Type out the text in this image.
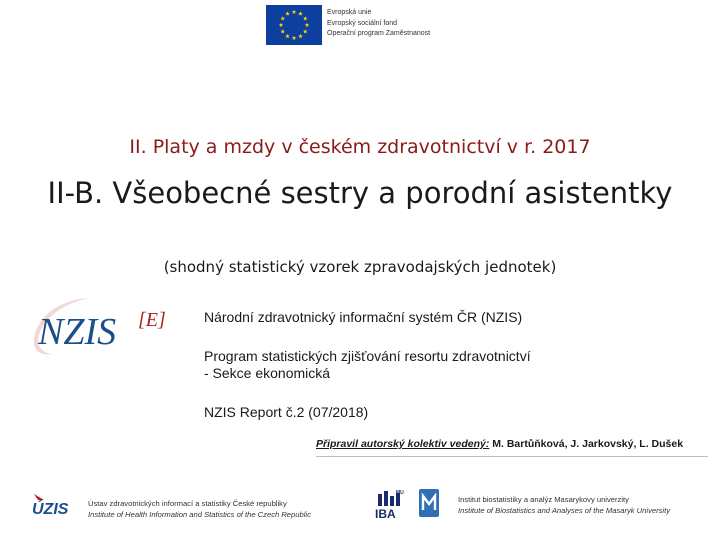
Evropská unie
Evropský sociální fond
Operační program Zaměstnanost
II. Platy a mzdy v českém zdravotnictví v r. 2017
II-B. Všeobecné sestry a porodní asistentky
(shodný statistický vzorek zpravodajských jednotek)
NZIS [E]	Národní zdravotnický informační systém ČR (NZIS)
Program statistických zjišťování resortu zdravotnictví
- Sekce ekonomická
NZIS Report č.2 (07/2018)
Připravil autorský kolektiv vedený: M. Bartůňková, J. Jarkovský, L. Dušek
ÚZIS	Ústav zdravotnických informací a statistiky České republiky
Institute of Health Information and Statistics of the Czech Republic
MU
IBA
Institut biostatistiky a analýz Masarykovy univerzity
Institute of Biostatistics and Analyses of the Masaryk University
